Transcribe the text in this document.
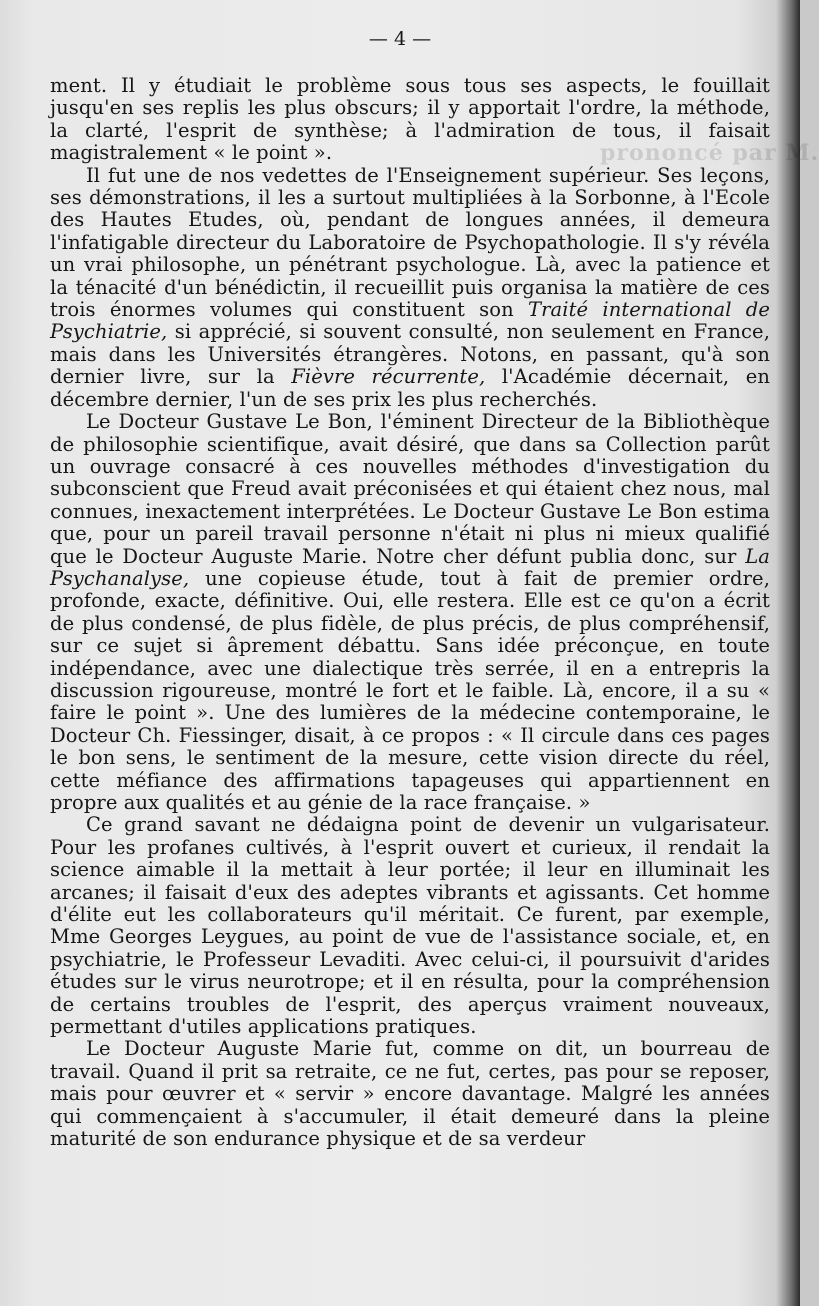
prononcé par M.
— 4 —

ment. Il y étudiait le problème sous tous ses aspects, le fouillait jusqu'en ses replis les plus obscurs; il y apportait l'ordre, la méthode, la clarté, l'esprit de synthèse; à l'admiration de tous, il faisait magistralement « le point ».

Il fut une de nos vedettes de l'Enseignement supérieur. Ses leçons, ses démonstrations, il les a surtout multipliées à la Sorbonne, à l'Ecole des Hautes Etudes, où, pendant de longues années, il demeura l'infatigable directeur du Laboratoire de Psychopathologie. Il s'y révéla un vrai philosophe, un pénétrant psychologue. Là, avec la patience et la ténacité d'un bénédictin, il recueillit puis organisa la matière de ces trois énormes volumes qui constituent son Traité international de Psychiatrie, si apprécié, si souvent consulté, non seulement en France, mais dans les Universités étrangères. Notons, en passant, qu'à son dernier livre, sur la Fièvre récurrente, l'Académie décernait, en décembre dernier, l'un de ses prix les plus recherchés.

Le Docteur Gustave Le Bon, l'éminent Directeur de la Bibliothèque de philosophie scientifique, avait désiré, que dans sa Collection parût un ouvrage consacré à ces nouvelles méthodes d'investigation du subconscient que Freud avait préconisées et qui étaient chez nous, mal connues, inexactement interprétées. Le Docteur Gustave Le Bon estima que, pour un pareil travail personne n'était ni plus ni mieux qualifié que le Docteur Auguste Marie. Notre cher défunt publia donc, sur La Psychanalyse, une copieuse étude, tout à fait de premier ordre, profonde, exacte, définitive. Oui, elle restera. Elle est ce qu'on a écrit de plus condensé, de plus fidèle, de plus précis, de plus compréhensif, sur ce sujet si âprement débattu. Sans idée préconçue, en toute indépendance, avec une dialectique très serrée, il en a entrepris la discussion rigoureuse, montré le fort et le faible. Là, encore, il a su « faire le point ». Une des lumières de la médecine contemporaine, le Docteur Ch. Fiessinger, disait, à ce propos : « Il circule dans ces pages le bon sens, le sentiment de la mesure, cette vision directe du réel, cette méfiance des affirmations tapageuses qui appartiennent en propre aux qualités et au génie de la race française. »

Ce grand savant ne dédaigna point de devenir un vulgarisateur. Pour les profanes cultivés, à l'esprit ouvert et curieux, il rendait la science aimable il la mettait à leur portée; il leur en illuminait les arcanes; il faisait d'eux des adeptes vibrants et agissants. Cet homme d'élite eut les collaborateurs qu'il méritait. Ce furent, par exemple, Mme Georges Leygues, au point de vue de l'assistance sociale, et, en psychiatrie, le Professeur Levaditi. Avec celui-ci, il poursuivit d'arides études sur le virus neurotrope; et il en résulta, pour la compréhension de certains troubles de l'esprit, des aperçus vraiment nouveaux, permettant d'utiles applications pratiques.

Le Docteur Auguste Marie fut, comme on dit, un bourreau de travail. Quand il prit sa retraite, ce ne fut, certes, pas pour se reposer, mais pour œuvrer et « servir » encore davantage. Malgré les années qui commençaient à s'accumuler, il était demeuré dans la pleine maturité de son endurance physique et de sa verdeur
